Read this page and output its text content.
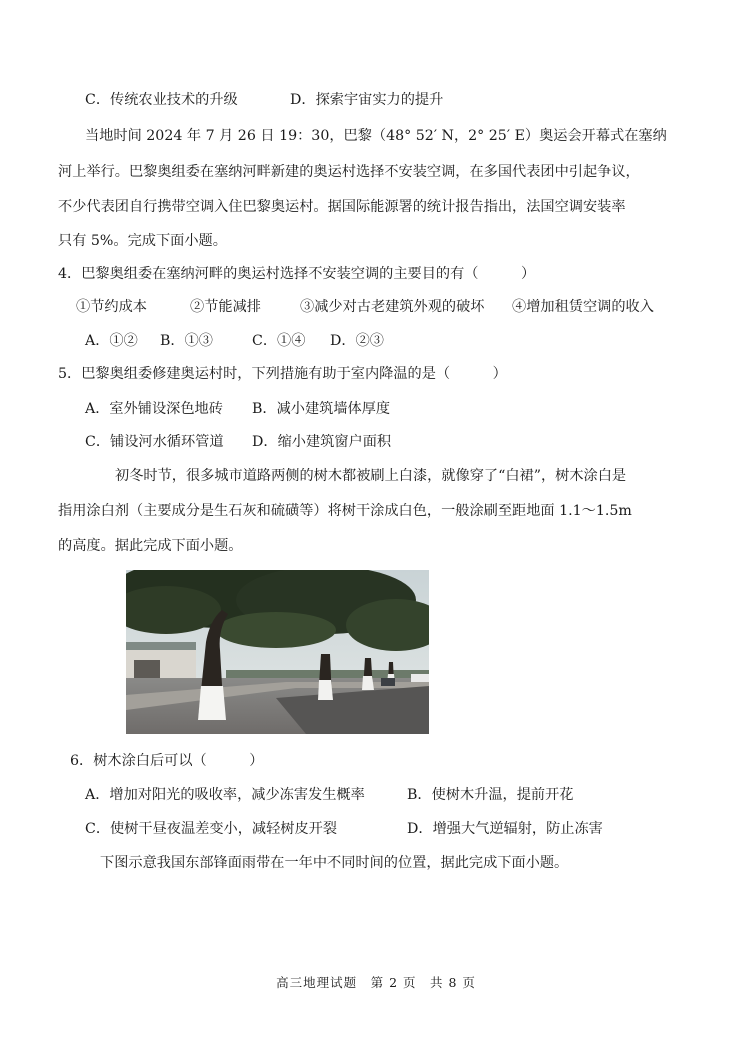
C．传统农业技术的升级	D．探索宇宙实力的提升
当地时间 2024 年 7 月 26 日 19：30，巴黎（48° 52′ N，2° 25′ E）奥运会开幕式在塞纳
河上举行。巴黎奥组委在塞纳河畔新建的奥运村选择不安装空调，在多国代表团中引起争议，
不少代表团自行携带空调入住巴黎奥运村。据国际能源署的统计报告指出，法国空调安装率
只有 5%。完成下面小题。
4．巴黎奥组委在塞纳河畔的奥运村选择不安装空调的主要目的有（　　　）
①节约成本	②节能减排	③减少对古老建筑外观的破坏 ④增加租赁空调的收入
A．①② B．①③	C．①④ D．②③
5．巴黎奥组委修建奥运村时，下列措施有助于室内降温的是（　　　）
A．室外铺设深色地砖 B．减小建筑墙体厚度
C．铺设河水循环管道 D．缩小建筑窗户面积
初冬时节，很多城市道路两侧的树木都被刷上白漆，就像穿了“白裙”，树木涂白是
指用涂白剂（主要成分是生石灰和硫磺等）将树干涂成白色，一般涂刷至距地面 1.1～1.5m
的高度。据此完成下面小题。
6．树木涂白后可以（　　　）
A．增加对阳光的吸收率，减少冻害发生概率	B．使树木升温，提前开花
C．使树干昼夜温差变小，减轻树皮开裂	D．增强大气逆辐射，防止冻害
下图示意我国东部锋面雨带在一年中不同时间的位置，据此完成下面小题。
高三地理试题　第 2 页　共 8 页
